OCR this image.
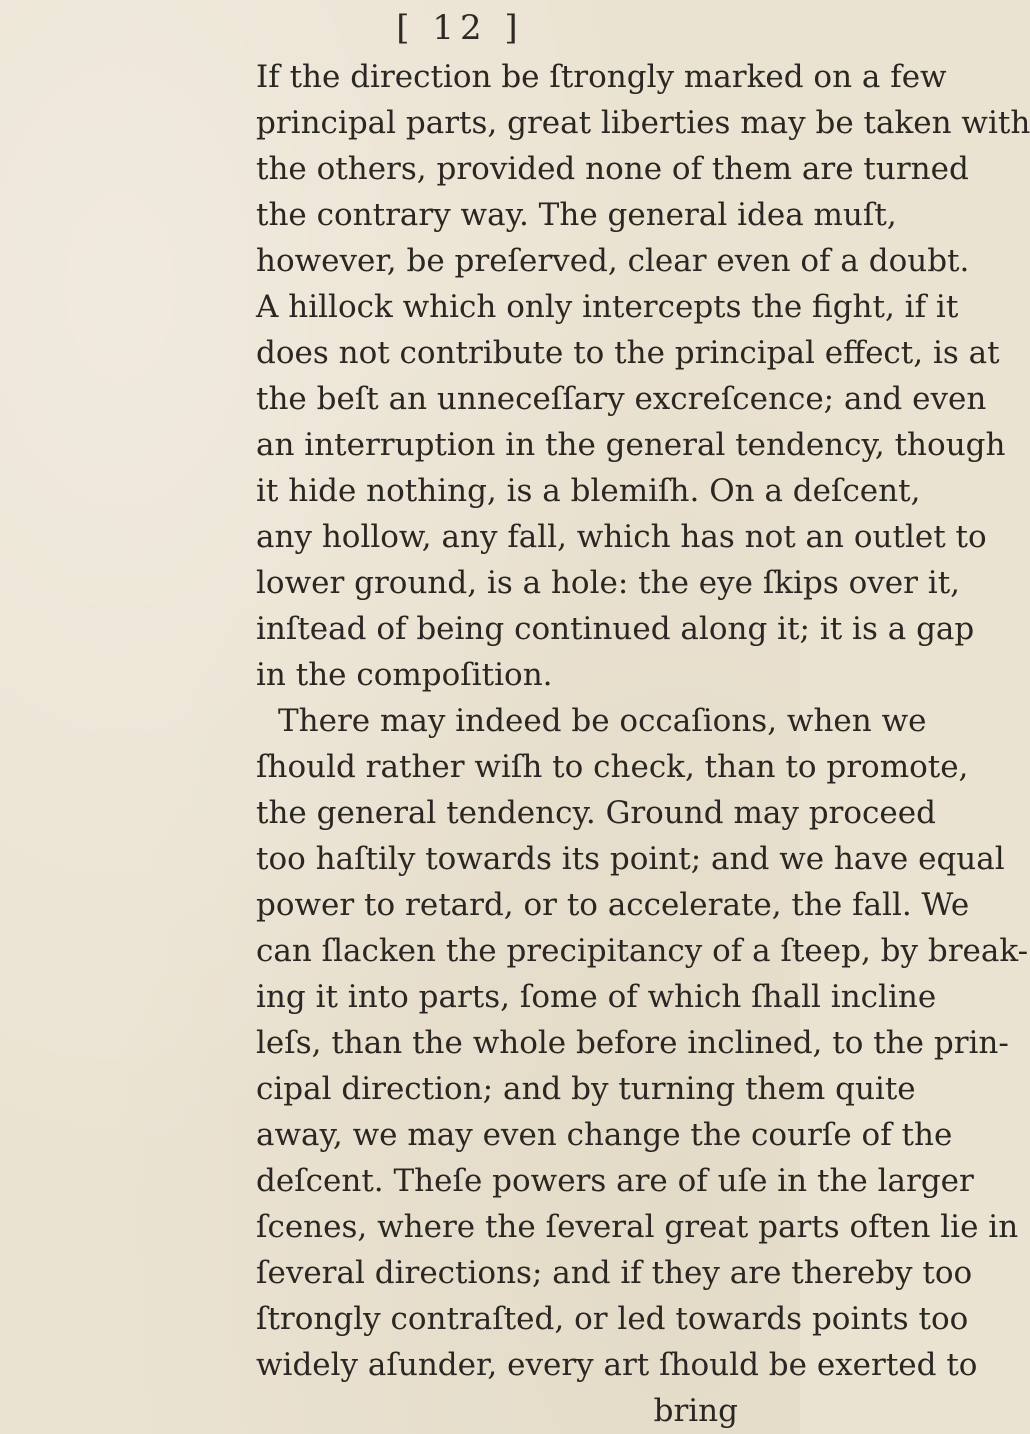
[ 12 ]
If the direction be ſtrongly marked on a few
principal parts, great liberties may be taken with
the others, provided none of them are turned
the contrary way. The general idea muſt,
however, be preſerved, clear even of a doubt.
A hillock which only intercepts the fight, if it
does not contribute to the principal effect, is at
the beſt an unneceſſary excreſcence; and even
an interruption in the general tendency, though
it hide nothing, is a blemiſh. On a deſcent,
any hollow, any fall, which has not an outlet to
lower ground, is a hole: the eye ſkips over it,
inſtead of being continued along it; it is a gap
in the compoſition.
There may indeed be occaſions, when we
ſhould rather wiſh to check, than to promote,
the general tendency. Ground may proceed
too haſtily towards its point; and we have equal
power to retard, or to accelerate, the fall. We
can ſlacken the precipitancy of a ſteep, by break-
ing it into parts, ſome of which ſhall incline
leſs, than the whole before inclined, to the prin-
cipal direction; and by turning them quite
away, we may even change the courſe of the
deſcent. Theſe powers are of uſe in the larger
ſcenes, where the ſeveral great parts often lie in
ſeveral directions; and if they are thereby too
ſtrongly contraſted, or led towards points too
widely aſunder, every art ſhould be exerted to
bring
